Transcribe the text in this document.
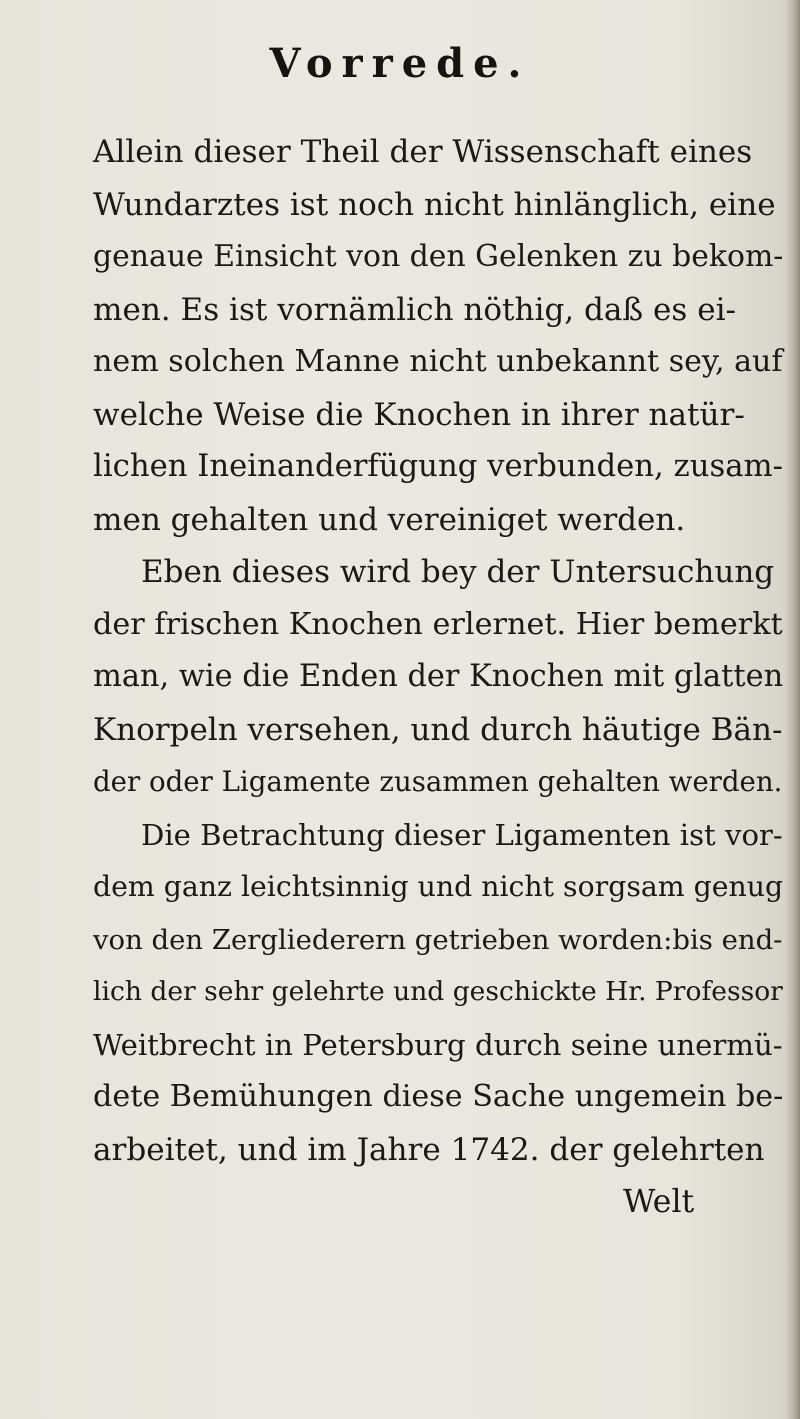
Vorrede.
Allein dieser Theil der Wissenschaft eines
Wundarztes ist noch nicht hinlänglich, eine
genaue Einsicht von den Gelenken zu bekom-
men. Es ist vornämlich nöthig, daß es ei-
nem solchen Manne nicht unbekannt sey, auf
welche Weise die Knochen in ihrer natür-
lichen Ineinanderfügung verbunden, zusam-
men gehalten und vereiniget werden.
Eben dieses wird bey der Untersuchung
der frischen Knochen erlernet. Hier bemerkt
man, wie die Enden der Knochen mit glatten
Knorpeln versehen, und durch häutige Bän-
der oder Ligamente zusammen gehalten werden.
Die Betrachtung dieser Ligamenten ist vor-
dem ganz leichtsinnig und nicht sorgsam genug
von den Zergliederern getrieben worden:bis end-
lich der sehr gelehrte und geschickte Hr. Professor
Weitbrecht in Petersburg durch seine unermü-
dete Bemühungen diese Sache ungemein be-
arbeitet, und im Jahre 1742. der gelehrten
Welt
